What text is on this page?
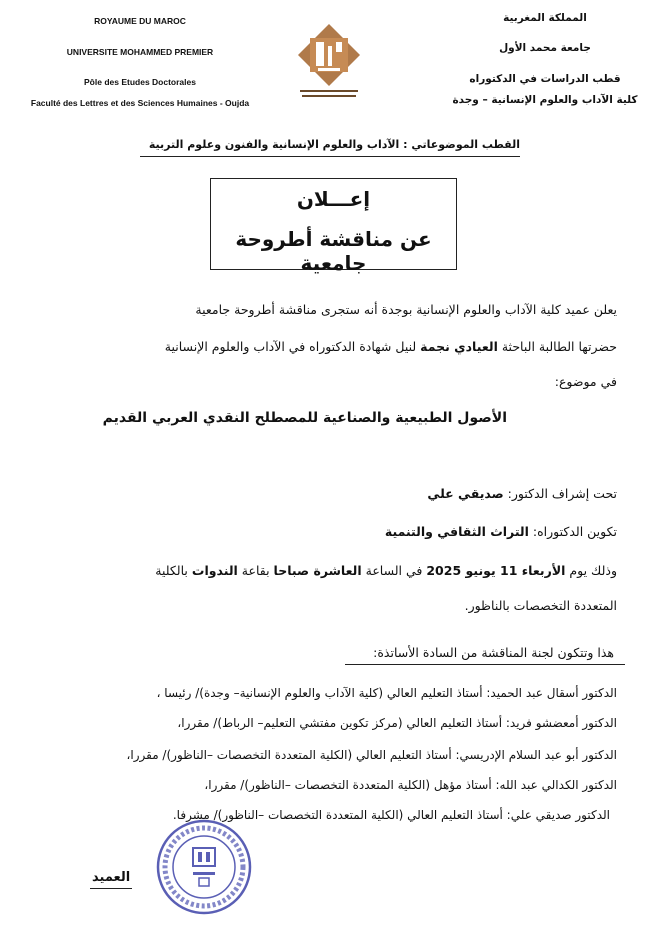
ROYAUME DU MAROC
UNIVERSITE MOHAMMED PREMIER
Pôle des Etudes Doctorales
Faculté des Lettres et des Sciences Humaines - Oujda
المملكة المغربية
جامعة محمد الأول
قطب الدراسات في الدكتوراه
كلية الآداب والعلوم الإنسانية – وجدة
القطب الموضوعاتي : الآداب والعلوم الإنسانية والفنون وعلوم التربية
إعـــلان
عن مناقشة أطروحة جامعية
يعلن عميد كلية الآداب والعلوم الإنسانية بوجدة أنه ستجرى مناقشة أطروحة جامعية
حضرتها الطالبة الباحثة العيادي نجمة لنيل شهادة الدكتوراه في الآداب والعلوم الإنسانية
في موضوع:
الأصول الطبيعية والصناعية للمصطلح النقدي العربي القديم
تحت إشراف الدكتور: صديقي علي
تكوين الدكتوراه: التراث الثقافي والتنمية
وذلك يوم الأربعاء 11 يونيو 2025 في الساعة العاشرة صباحا بقاعة الندوات بالكلية
المتعددة التخصصات بالناظور.
هذا وتتكون لجنة المناقشة من السادة الأساتذة:
الدكتور أسقال عبد الحميد: أستاذ التعليم العالي (كلية الآداب والعلوم الإنسانية– وجدة)/ رئيسا ،
الدكتور أمعضشو فريد: أستاذ التعليم العالي (مركز تكوين مفتشي التعليم– الرباط)/ مقررا،
الدكتور أبو عبد السلام الإدريسي: أستاذ التعليم العالي (الكلية المتعددة التخصصات –الناظور)/ مقررا،
الدكتور الكدالي عبد الله: أستاذ مؤهل (الكلية المتعددة التخصصات –الناظور)/ مقررا،
الدكتور صديقي علي: أستاذ التعليم العالي (الكلية المتعددة التخصصات –الناظور)/ مشرفا.
العميد
